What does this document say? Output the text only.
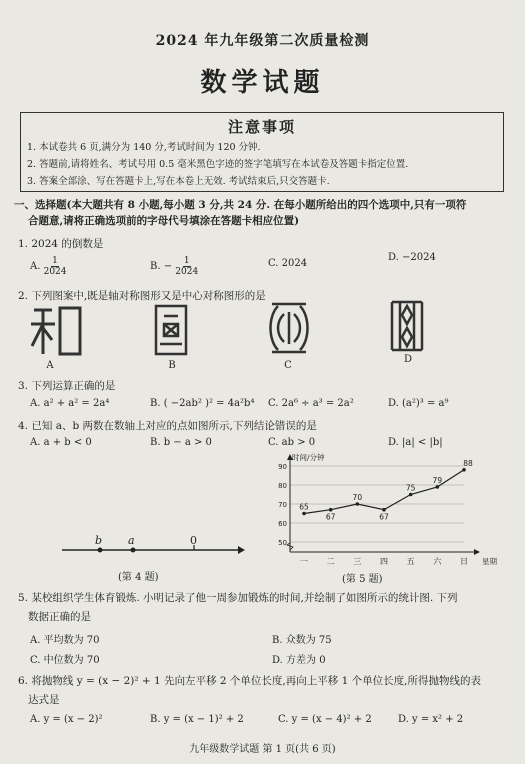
2024 年九年级第二次质量检测
数学试题
注意事项
1. 本试卷共 6 页,满分为 140 分,考试时间为 120 分钟.
2. 答题前,请将姓名、考试号用 0.5 毫米黑色字迹的签字笔填写在本试卷及答题卡指定位置.
3. 答案全部涂、写在答题卡上,写在本卷上无效. 考试结束后,只交答题卡.
一、选择题(本大题共有 8 小题,每小题 3 分,共 24 分. 在每小题所给出的四个选项中,只有一项符
合题意,请将正确选项前的字母代号填涂在答题卡相应位置)
1. 2024 的倒数是
A. $\frac{1}{2024}$	B. − $\frac{1}{2024}$	C. 2024
D. −2024
2. 下列图案中,既是轴对称图形又是中心对称图形的是
A	B	C
D
3. 下列运算正确的是
A. a² + a² = 2a⁴	B. ( −2ab² )² = 4a²b⁴ C. 2a⁶ ÷ a³ = 2a²	D. (a²)³ = a⁹
4. 已知 a、b 两数在数轴上对应的点如图所示,下列结论错误的是
A. a + b < 0	B. b − a > 0	C. ab > 0	D. |a| < |b|
b a	0
(第 4 题)
50
60
70
80
90
时间/分钟
星期
一 二 三 四 五 六 日
65
67
70
67
75
79
88
(第 5 题)
5. 某校组织学生体育锻炼. 小明记录了他一周参加锻炼的时间,并绘制了如图所示的统计图. 下列
数据正确的是
A. 平均数为 70	B. 众数为 75
C. 中位数为 70	D. 方差为 0
6. 将抛物线 y = (x − 2)² + 1 先向左平移 2 个单位长度,再向上平移 1 个单位长度,所得抛物线的表
达式是
A. y = (x − 2)²	B. y = (x − 1)² + 2	C. y = (x − 4)² + 2	D. y = x² + 2
九年级数学试题 第 1 页(共 6 页)
